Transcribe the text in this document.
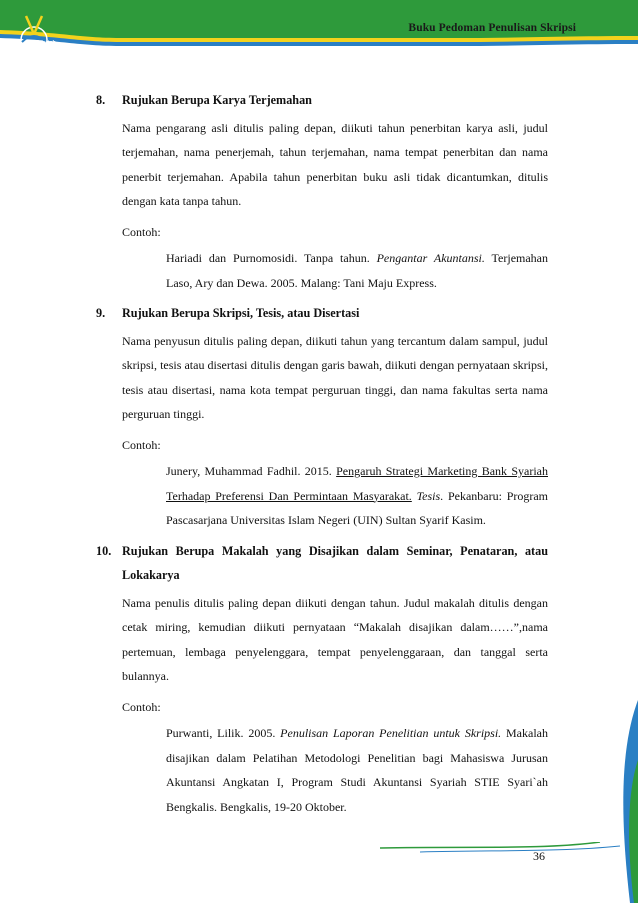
Syariah
Buku Pedoman Penulisan Skripsi
8.	Rujukan Berupa Karya Terjemahan
Nama pengarang asli ditulis paling depan, diikuti tahun penerbitan karya asli, judul terjemahan, nama penerjemah, tahun terjemahan, nama tempat penerbitan dan nama penerbit terjemahan. Apabila tahun penerbitan buku asli tidak dicantumkan, ditulis dengan kata tanpa tahun.
Contoh:
Hariadi dan Purnomosidi. Tanpa tahun. Pengantar Akuntansi. Terjemahan Laso, Ary dan Dewa. 2005. Malang: Tani Maju Express.
9.	Rujukan Berupa Skripsi, Tesis, atau Disertasi
Nama penyusun ditulis paling depan, diikuti tahun yang tercantum dalam sampul, judul skripsi, tesis atau disertasi ditulis dengan garis bawah, diikuti dengan pernyataan skripsi, tesis atau disertasi, nama kota tempat perguruan tinggi, dan nama fakultas serta nama perguruan tinggi.
Contoh:
Junery, Muhammad Fadhil. 2015. Pengaruh Strategi Marketing Bank Syariah Terhadap Preferensi Dan Permintaan Masyarakat. Tesis. Pekanbaru: Program Pascasarjana Universitas Islam Negeri (UIN) Sultan Syarif Kasim.
10. Rujukan Berupa Makalah yang Disajikan dalam Seminar, Penataran, atau Lokakarya
Nama penulis ditulis paling depan diikuti dengan tahun. Judul makalah ditulis dengan cetak miring, kemudian diikuti pernyataan “Makalah disajikan dalam……”,nama pertemuan, lembaga penyelenggara, tempat penyelenggaraan, dan tanggal serta bulannya.
Contoh:
Purwanti, Lilik. 2005. Penulisan Laporan Penelitian untuk Skripsi. Makalah disajikan dalam Pelatihan Metodologi Penelitian bagi Mahasiswa Jurusan Akuntansi Angkatan I, Program Studi Akuntansi Syariah STIE Syari`ah Bengkalis. Bengkalis, 19-20 Oktober.
36
